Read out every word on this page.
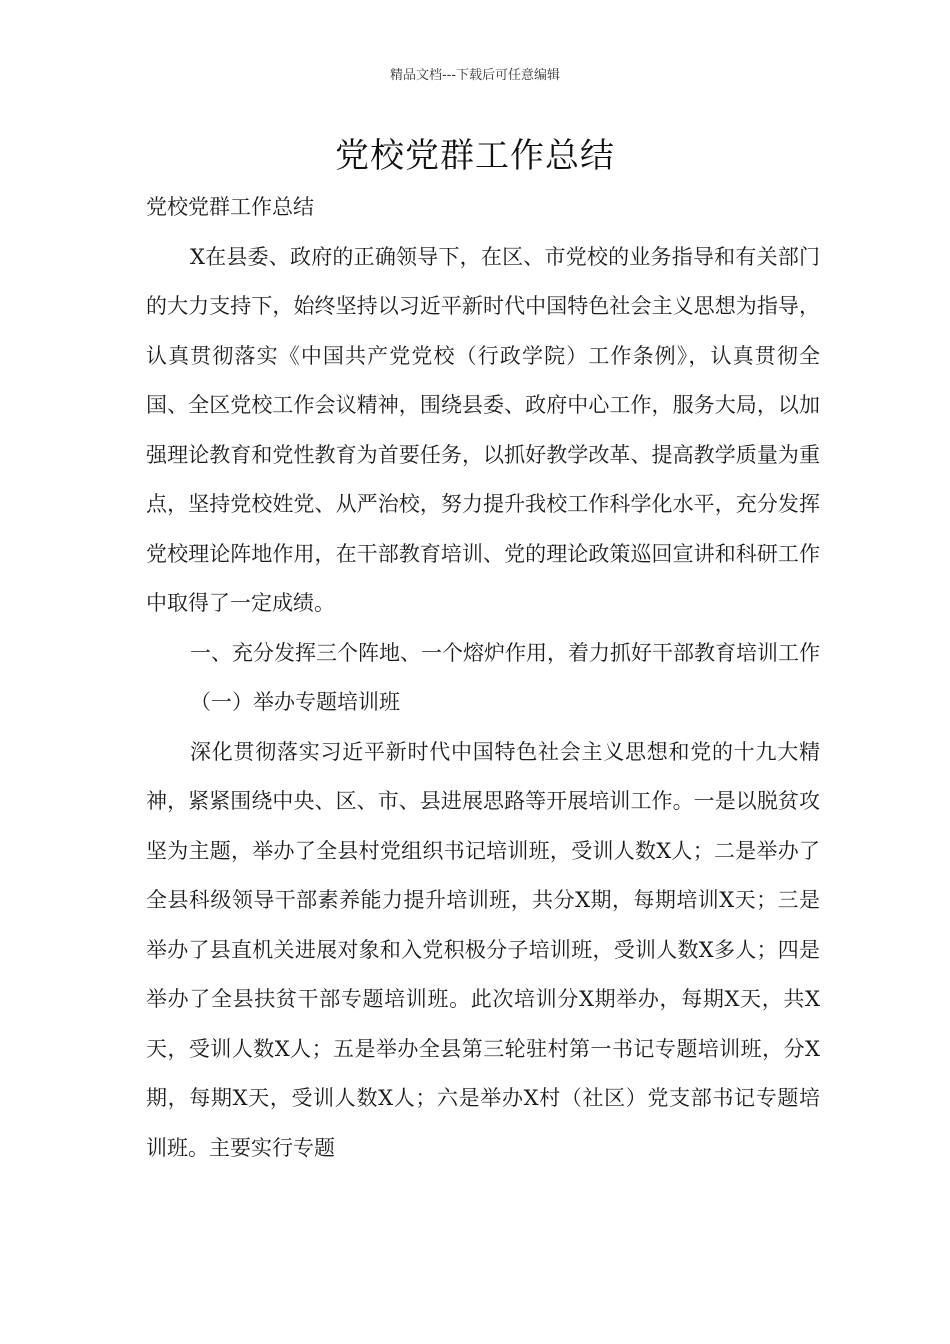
精品文档---下载后可任意编辑
党校党群工作总结

党校党群工作总结

X在县委、政府的正确领导下，在区、市党校的业务指导和有关部门的大力支持下，始终坚持以习近平新时代中国特色社会主义思想为指导，认真贯彻落实《中国共产党党校（行政学院）工作条例》，认真贯彻全国、全区党校工作会议精神，围绕县委、政府中心工作，服务大局，以加强理论教育和党性教育为首要任务，以抓好教学改革、提高教学质量为重点，坚持党校姓党、从严治校，努力提升我校工作科学化水平，充分发挥党校理论阵地作用，在干部教育培训、党的理论政策巡回宣讲和科研工作中取得了一定成绩。

一、充分发挥三个阵地、一个熔炉作用，着力抓好干部教育培训工作

（一）举办专题培训班

深化贯彻落实习近平新时代中国特色社会主义思想和党的十九大精神，紧紧围绕中央、区、市、县进展思路等开展培训工作。一是以脱贫攻坚为主题，举办了全县村党组织书记培训班，受训人数X人；二是举办了全县科级领导干部素养能力提升培训班，共分X期，每期培训X天；三是举办了县直机关进展对象和入党积极分子培训班，受训人数X多人；四是举办了全县扶贫干部专题培训班。此次培训分X期举办，每期X天，共X天，受训人数X人；五是举办全县第三轮驻村第一书记专题培训班，分X期，每期X天，受训人数X人；六是举办X村（社区）党支部书记专题培训班。主要实行专题
